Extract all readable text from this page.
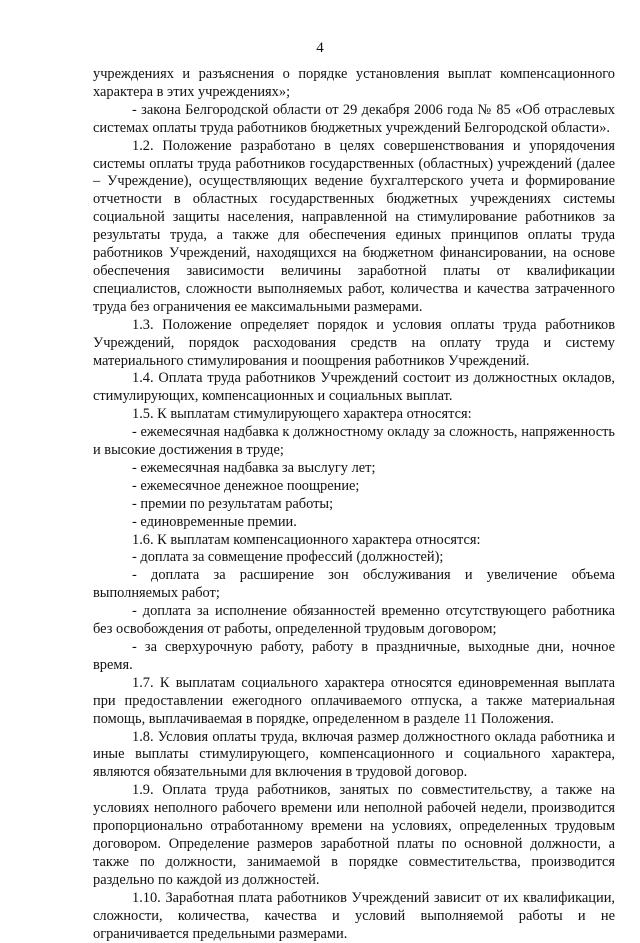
4

учреждениях и разъяснения о порядке установления выплат компенсационного характера в этих учреждениях»;

- закона Белгородской области от 29 декабря 2006 года № 85 «Об отраслевых системах оплаты труда работников бюджетных учреждений Белгородской области».

1.2. Положение разработано в целях совершенствования и упорядочения системы оплаты труда работников государственных (областных) учреждений (далее – Учреждение), осуществляющих ведение бухгалтерского учета и формирование отчетности в областных государственных бюджетных учреждениях системы социальной защиты населения, направленной на стимулирование работников за результаты труда, а также для обеспечения единых принципов оплаты труда работников Учреждений, находящихся на бюджетном финансировании, на основе обеспечения зависимости величины заработной платы от квалификации специалистов, сложности выполняемых работ, количества и качества затраченного труда без ограничения ее максимальными размерами.

1.3. Положение определяет порядок и условия оплаты труда работников Учреждений, порядок расходования средств на оплату труда и систему материального стимулирования и поощрения работников Учреждений.

1.4. Оплата труда работников Учреждений состоит из должностных окладов, стимулирующих, компенсационных и социальных выплат.

1.5. К выплатам стимулирующего характера относятся:

- ежемесячная надбавка к должностному окладу за сложность, напряженность и высокие достижения в труде;

- ежемесячная надбавка за выслугу лет;

- ежемесячное денежное поощрение;

- премии по результатам работы;

- единовременные премии.

1.6. К выплатам компенсационного характера относятся:

- доплата за совмещение профессий (должностей);

- доплата за расширение зон обслуживания и увеличение объема выполняемых работ;

- доплата за исполнение обязанностей временно отсутствующего работника без освобождения от работы, определенной трудовым договором;

- за сверхурочную работу, работу в праздничные, выходные дни, ночное время.

1.7. К выплатам социального характера относятся единовременная выплата при предоставлении ежегодного оплачиваемого отпуска, а также материальная помощь, выплачиваемая в порядке, определенном в разделе 11 Положения.

1.8. Условия оплаты труда, включая размер должностного оклада работника и иные выплаты стимулирующего, компенсационного и социального характера, являются обязательными для включения в трудовой договор.

1.9. Оплата труда работников, занятых по совместительству, а также на условиях неполного рабочего времени или неполной рабочей недели, производится пропорционально отработанному времени на условиях, определенных трудовым договором. Определение размеров заработной платы по основной должности, а также по должности, занимаемой в порядке совместительства, производится раздельно по каждой из должностей.

1.10. Заработная плата работников Учреждений зависит от их квалификации, сложности, количества, качества и условий выполняемой работы и не ограничивается предельными размерами.
